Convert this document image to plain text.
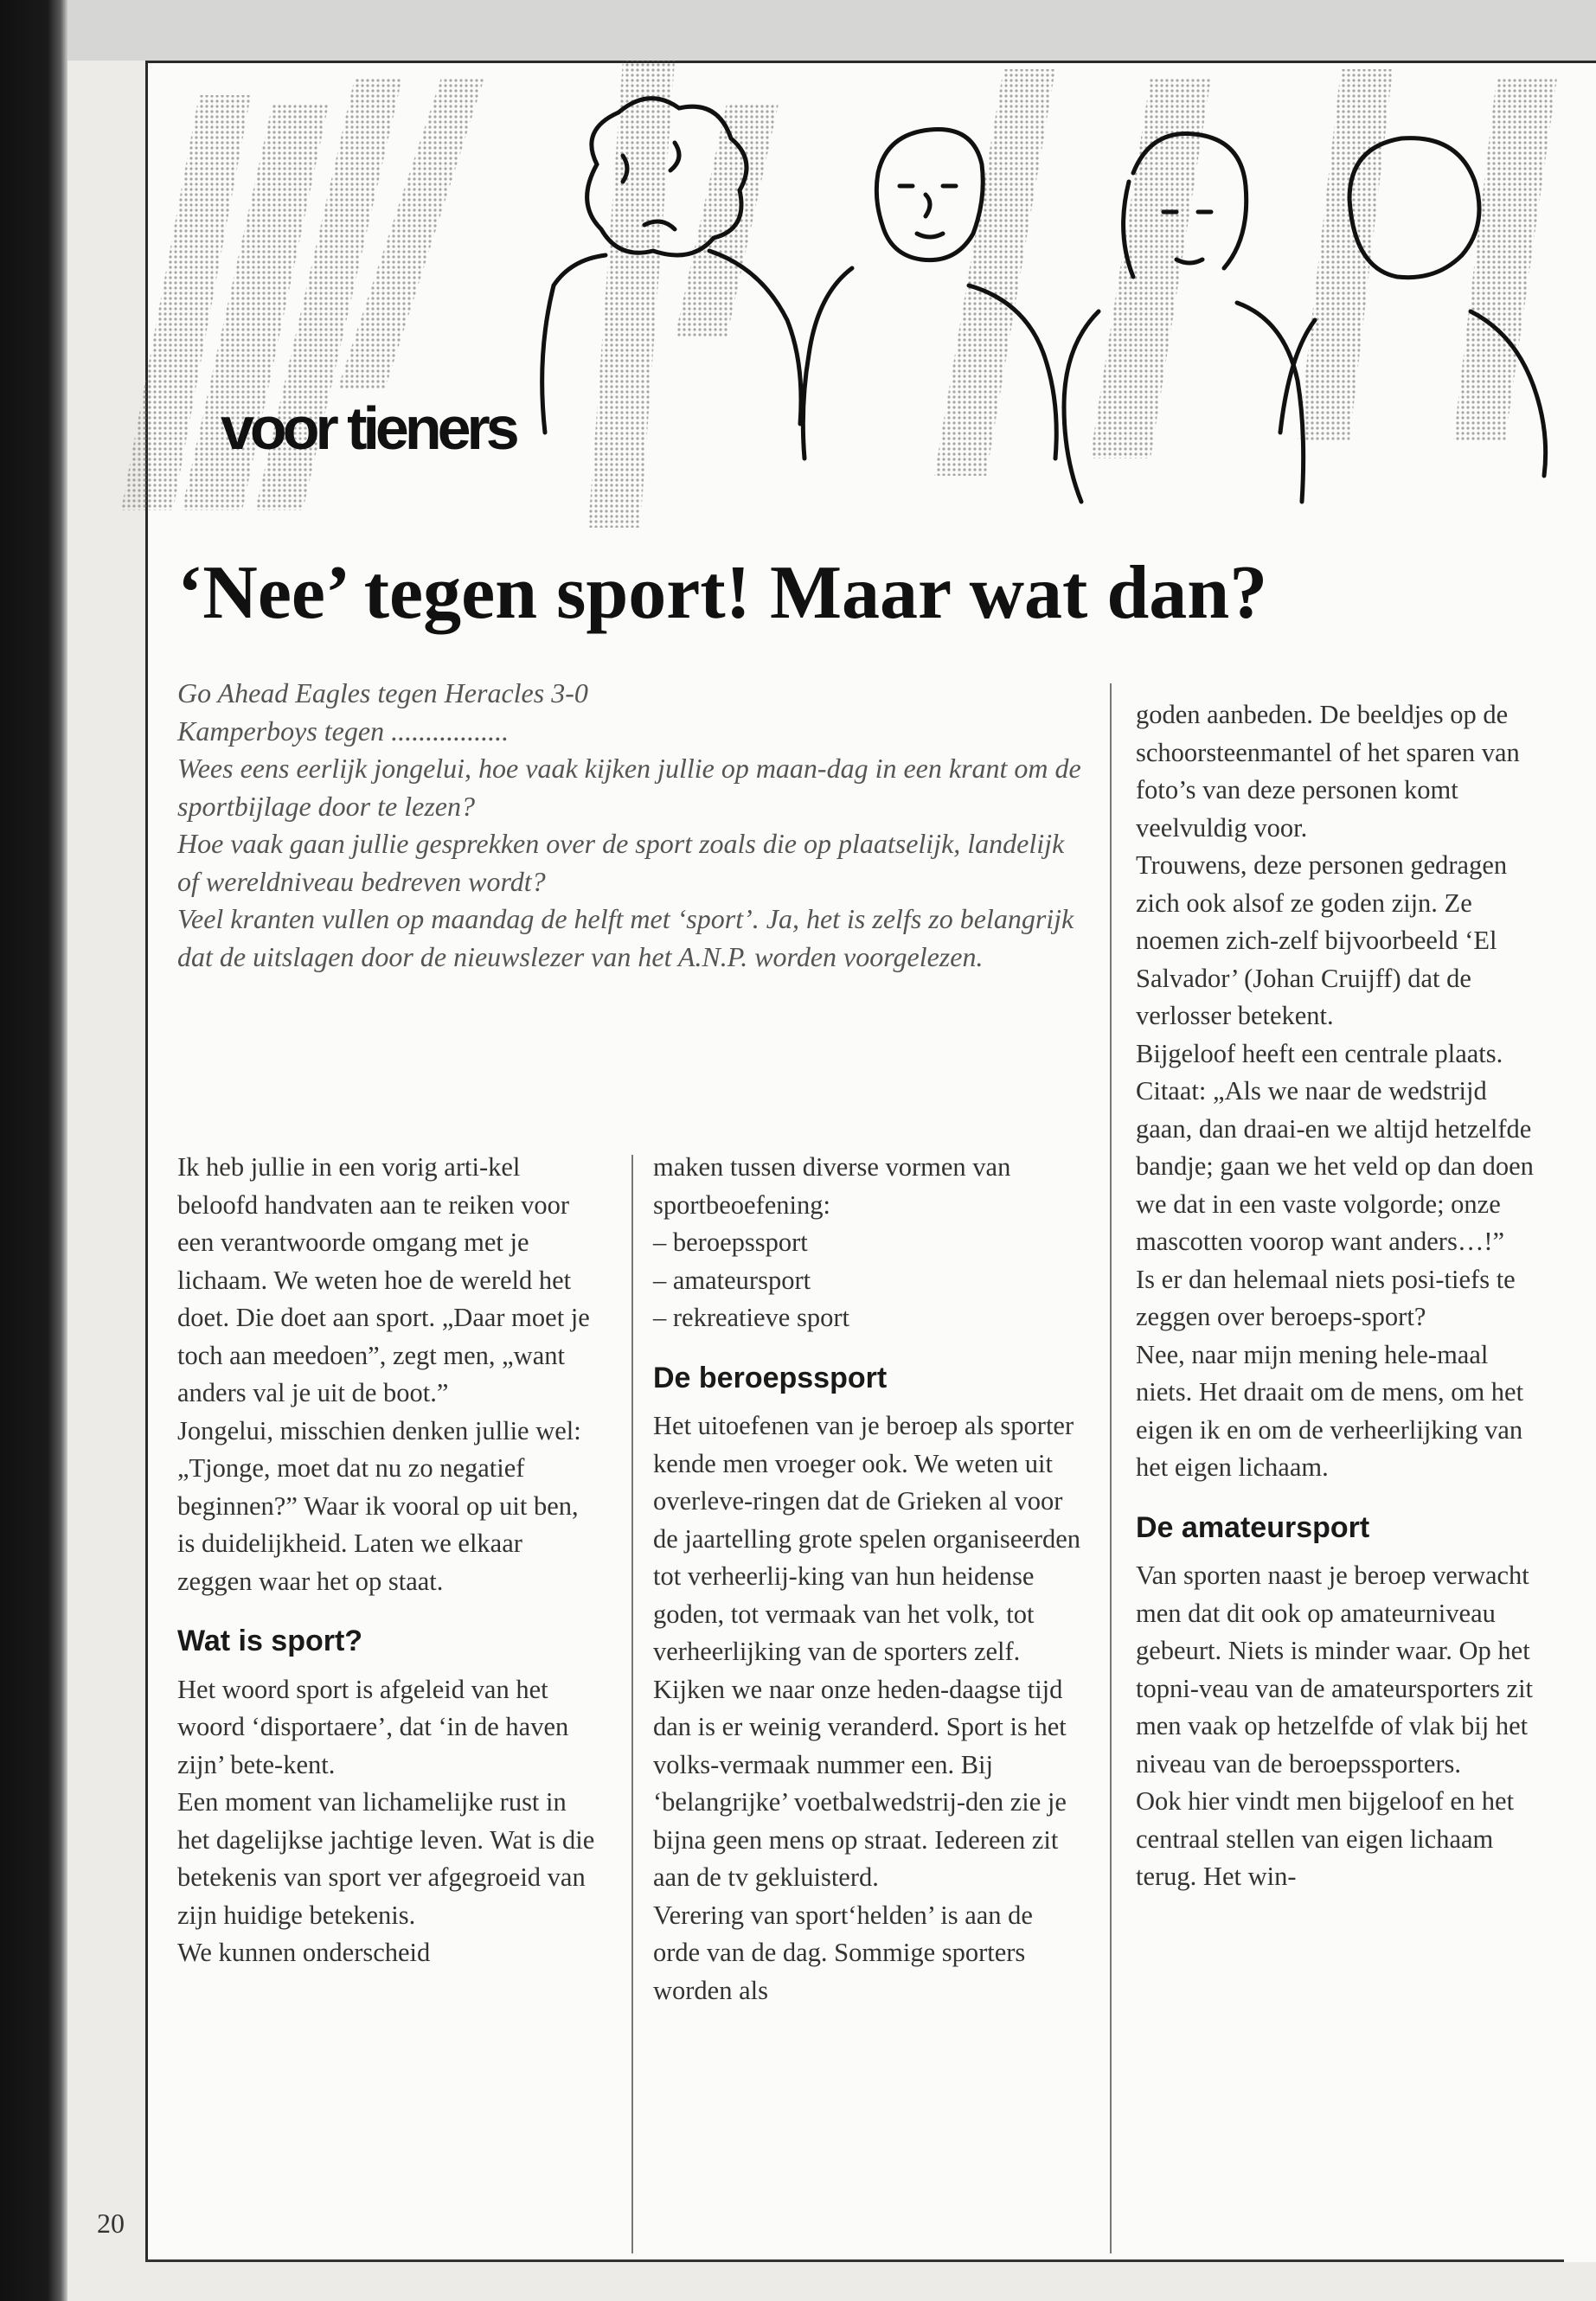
voor tieners
‘Nee’ tegen sport! Maar wat dan?

Go Ahead Eagles tegen Heracles 3-0

Kamperboys tegen .................

Wees eens eerlijk jongelui, hoe vaak kijken jullie op maan-dag in een krant om de sportbijlage door te lezen?

Hoe vaak gaan jullie gesprekken over de sport zoals die op plaatselijk, landelijk of wereldniveau bedreven wordt?

Veel kranten vullen op maandag de helft met ‘sport’. Ja, het is zelfs zo belangrijk dat de uitslagen door de nieuwslezer van het A.N.P. worden voorgelezen.

Ik heb jullie in een vorig arti-kel beloofd handvaten aan te reiken voor een verantwoorde omgang met je lichaam. We weten hoe de wereld het doet. Die doet aan sport. „Daar moet je toch aan meedoen”, zegt men, „want anders val je uit de boot.”

Jongelui, misschien denken jullie wel:„Tjonge, moet dat nu zo negatief beginnen?” Waar ik vooral op uit ben, is duidelijkheid. Laten we elkaar zeggen waar het op staat.

Wat is sport?

Het woord sport is afgeleid van het woord ‘disportaere’, dat ‘in de haven zijn’ bete-kent.

Een moment van lichamelijke rust in het dagelijkse jachtige leven. Wat is die betekenis van sport ver afgegroeid van zijn huidige betekenis.

We kunnen onderscheid

maken tussen diverse vormen van sportbeoefening:

– beroepssport

– amateursport

– rekreatieve sport

De beroepssport

Het uitoefenen van je beroep als sporter kende men vroeger ook. We weten uit overleve-ringen dat de Grieken al voor de jaartelling grote spelen organiseerden tot verheerlij-king van hun heidense goden, tot vermaak van het volk, tot verheerlijking van de sporters zelf.

Kijken we naar onze heden-daagse tijd dan is er weinig veranderd. Sport is het volks-vermaak nummer een. Bij ‘belangrijke’ voetbalwedstrij-den zie je bijna geen mens op straat. Iedereen zit aan de tv gekluisterd.

Verering van sport‘helden’ is aan de orde van de dag. Sommige sporters worden als

goden aanbeden. De beeldjes op de schoorsteenmantel of het sparen van foto’s van deze personen komt veelvuldig voor.

Trouwens, deze personen gedragen zich ook alsof ze goden zijn. Ze noemen zich-zelf bijvoorbeeld ‘El Salvador’ (Johan Cruijff) dat de verlosser betekent.

Bijgeloof heeft een centrale plaats. Citaat: „Als we naar de wedstrijd gaan, dan draai-en we altijd hetzelfde bandje; gaan we het veld op dan doen we dat in een vaste volgorde; onze mascotten voorop want anders…!”

Is er dan helemaal niets posi-tiefs te zeggen over beroeps-sport?

Nee, naar mijn mening hele-maal niets. Het draait om de mens, om het eigen ik en om de verheerlijking van het eigen lichaam.

De amateursport

Van sporten naast je beroep verwacht men dat dit ook op amateurniveau gebeurt. Niets is minder waar. Op het topni-veau van de amateursporters zit men vaak op hetzelfde of vlak bij het niveau van de beroepssporters.

Ook hier vindt men bijgeloof en het centraal stellen van eigen lichaam terug. Het win-

20
